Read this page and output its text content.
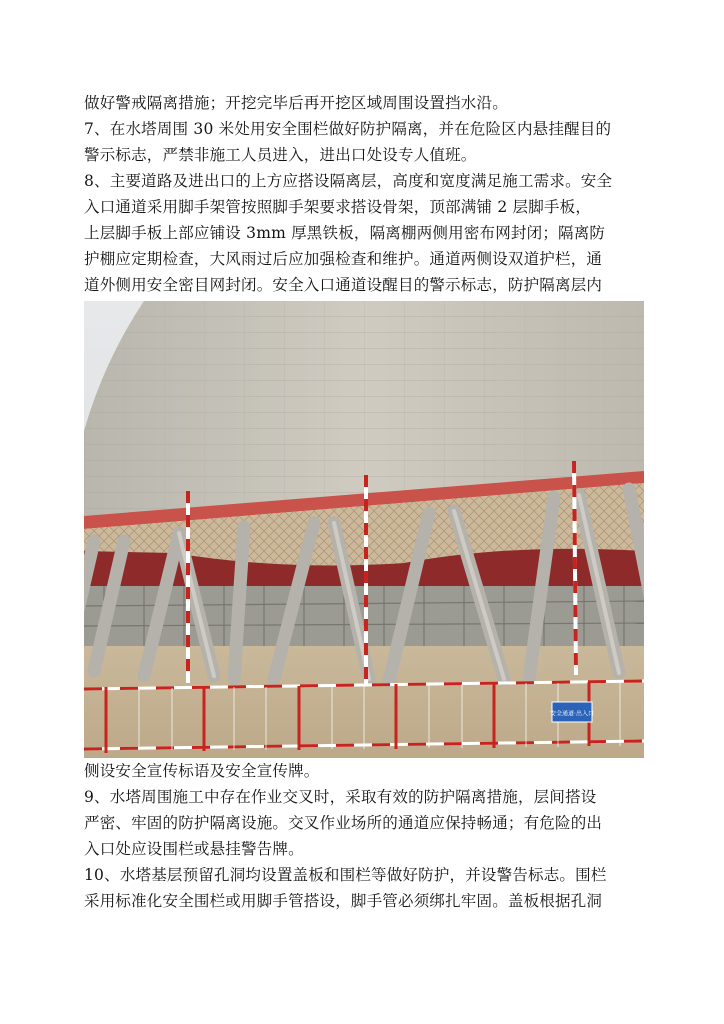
做好警戒隔离措施；开挖完毕后再开挖区域周围设置挡水沿。
7、在水塔周围 30 米处用安全围栏做好防护隔离，并在危险区内悬挂醒目的
警示标志，严禁非施工人员进入，进出口处设专人值班。
8、主要道路及进出口的上方应搭设隔离层，高度和宽度满足施工需求。安全
入口通道采用脚手架管按照脚手架要求搭设骨架，顶部满铺 2 层脚手板，
上层脚手板上部应铺设 3mm 厚黑铁板，隔离棚两侧用密布网封闭；隔离防
护棚应定期检查，大风雨过后应加强检查和维护。通道两侧设双道护栏，通
道外侧用安全密目网封闭。安全入口通道设醒目的警示标志，防护隔离层内
安全通道·出入口
侧设安全宣传标语及安全宣传牌。
9、水塔周围施工中存在作业交叉时，采取有效的防护隔离措施，层间搭设
严密、牢固的防护隔离设施。交叉作业场所的通道应保持畅通；有危险的出
入口处应设围栏或悬挂警告牌。
10、水塔基层预留孔洞均设置盖板和围栏等做好防护，并设警告标志。围栏
采用标准化安全围栏或用脚手管搭设，脚手管必须绑扎牢固。盖板根据孔洞
